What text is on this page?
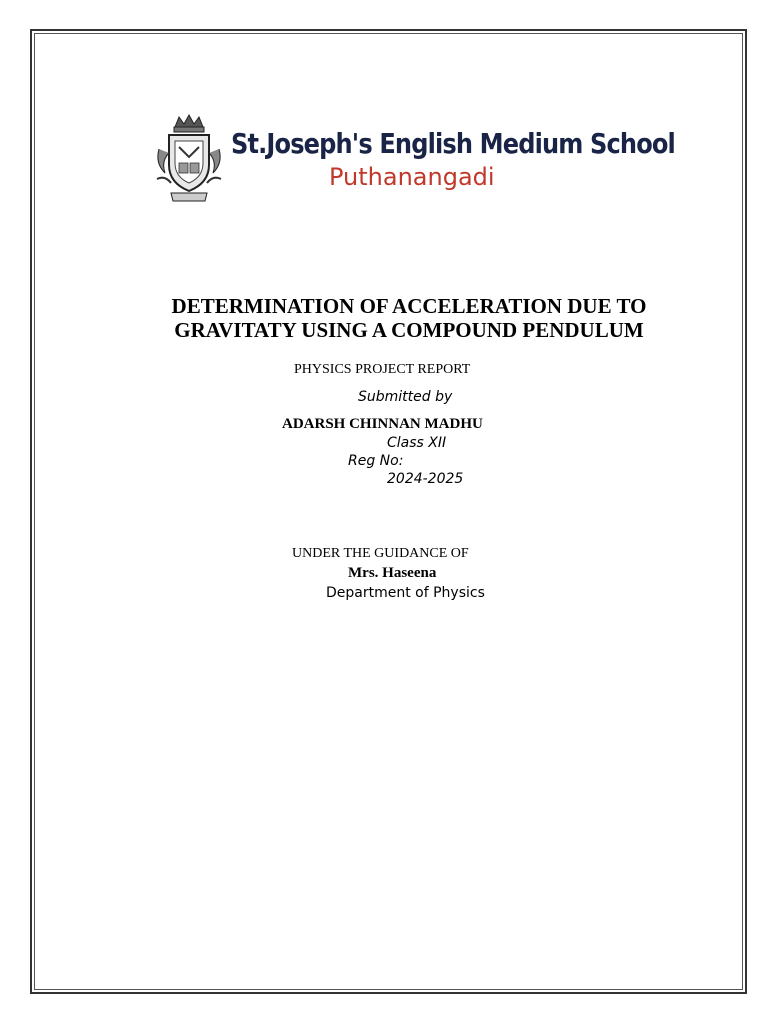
St.Joseph's English Medium School
Puthanangadi
DETERMINATION OF ACCELERATION DUE TO
GRAVITATY USING A COMPOUND PENDULUM
PHYSICS PROJECT REPORT
Submitted by
ADARSH CHINNAN MADHU
Class XII
Reg No:
2024-2025
UNDER THE GUIDANCE OF
Mrs. Haseena
Department of Physics
